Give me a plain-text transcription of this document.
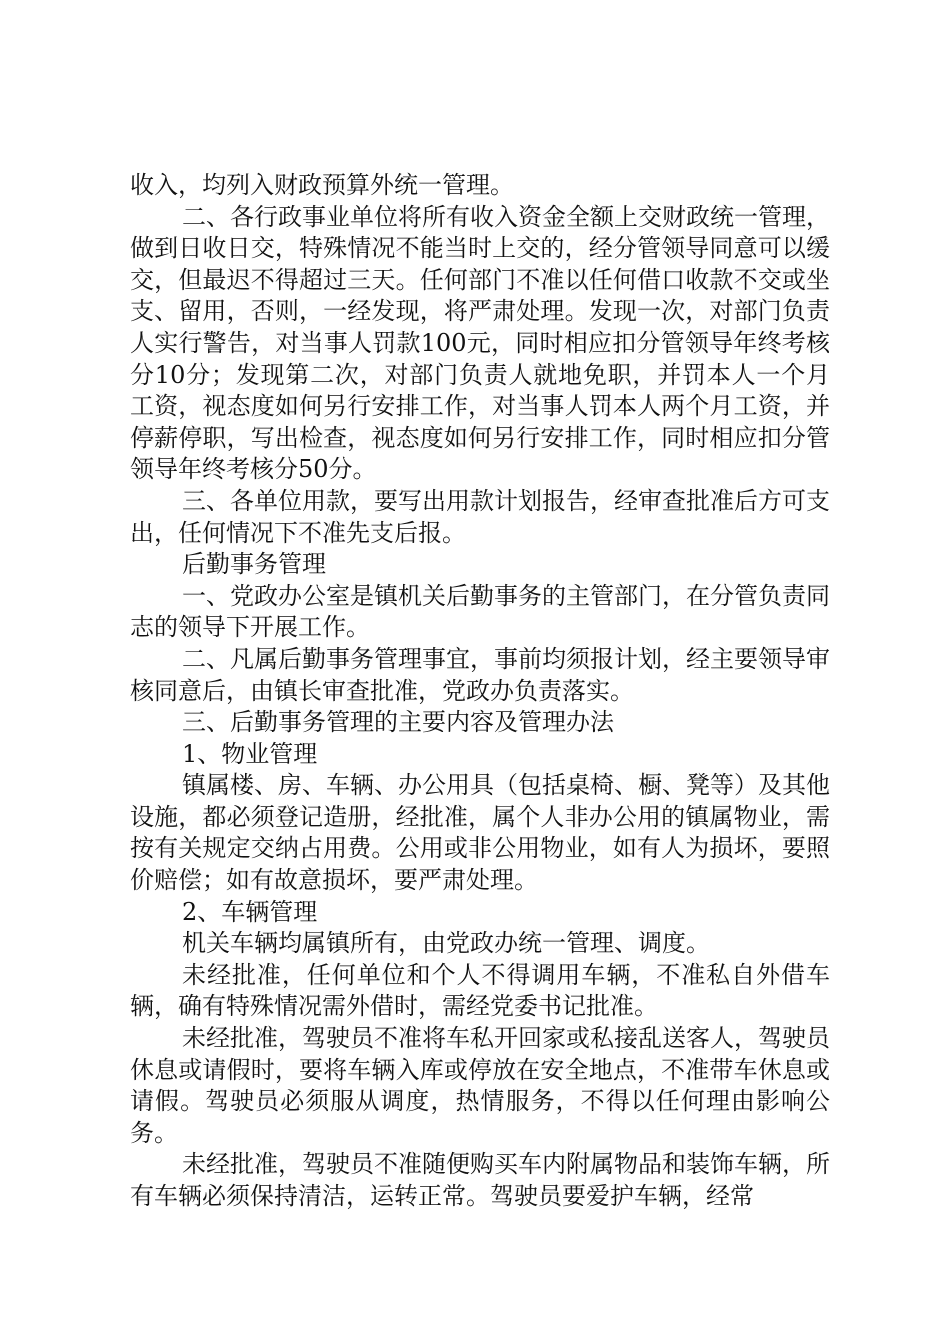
收入，均列入财政预算外统一管理。

二、各行政事业单位将所有收入资金全额上交财政统一管理，做到日收日交，特殊情况不能当时上交的，经分管领导同意可以缓交，但最迟不得超过三天。任何部门不准以任何借口收款不交或坐支、留用，否则，一经发现，将严肃处理。发现一次，对部门负责人实行警告，对当事人罚款100元，同时相应扣分管领导年终考核分10分；发现第二次，对部门负责人就地免职，并罚本人一个月工资，视态度如何另行安排工作，对当事人罚本人两个月工资，并停薪停职，写出检查，视态度如何另行安排工作，同时相应扣分管领导年终考核分50分。

三、各单位用款，要写出用款计划报告，经审查批准后方可支出，任何情况下不准先支后报。

后勤事务管理

一、党政办公室是镇机关后勤事务的主管部门，在分管负责同志的领导下开展工作。

二、凡属后勤事务管理事宜，事前均须报计划，经主要领导审核同意后，由镇长审查批准，党政办负责落实。

三、后勤事务管理的主要内容及管理办法

1、物业管理

镇属楼、房、车辆、办公用具（包括桌椅、橱、凳等）及其他设施，都必须登记造册，经批准，属个人非办公用的镇属物业，需按有关规定交纳占用费。公用或非公用物业，如有人为损坏，要照价赔偿；如有故意损坏，要严肃处理。

2、车辆管理

机关车辆均属镇所有，由党政办统一管理、调度。

未经批准，任何单位和个人不得调用车辆，不准私自外借车辆，确有特殊情况需外借时，需经党委书记批准。

未经批准，驾驶员不准将车私开回家或私接乱送客人，驾驶员休息或请假时，要将车辆入库或停放在安全地点，不准带车休息或请假。驾驶员必须服从调度，热情服务，不得以任何理由影响公务。

未经批准，驾驶员不准随便购买车内附属物品和装饰车辆，所有车辆必须保持清洁，运转正常。驾驶员要爱护车辆，经常
